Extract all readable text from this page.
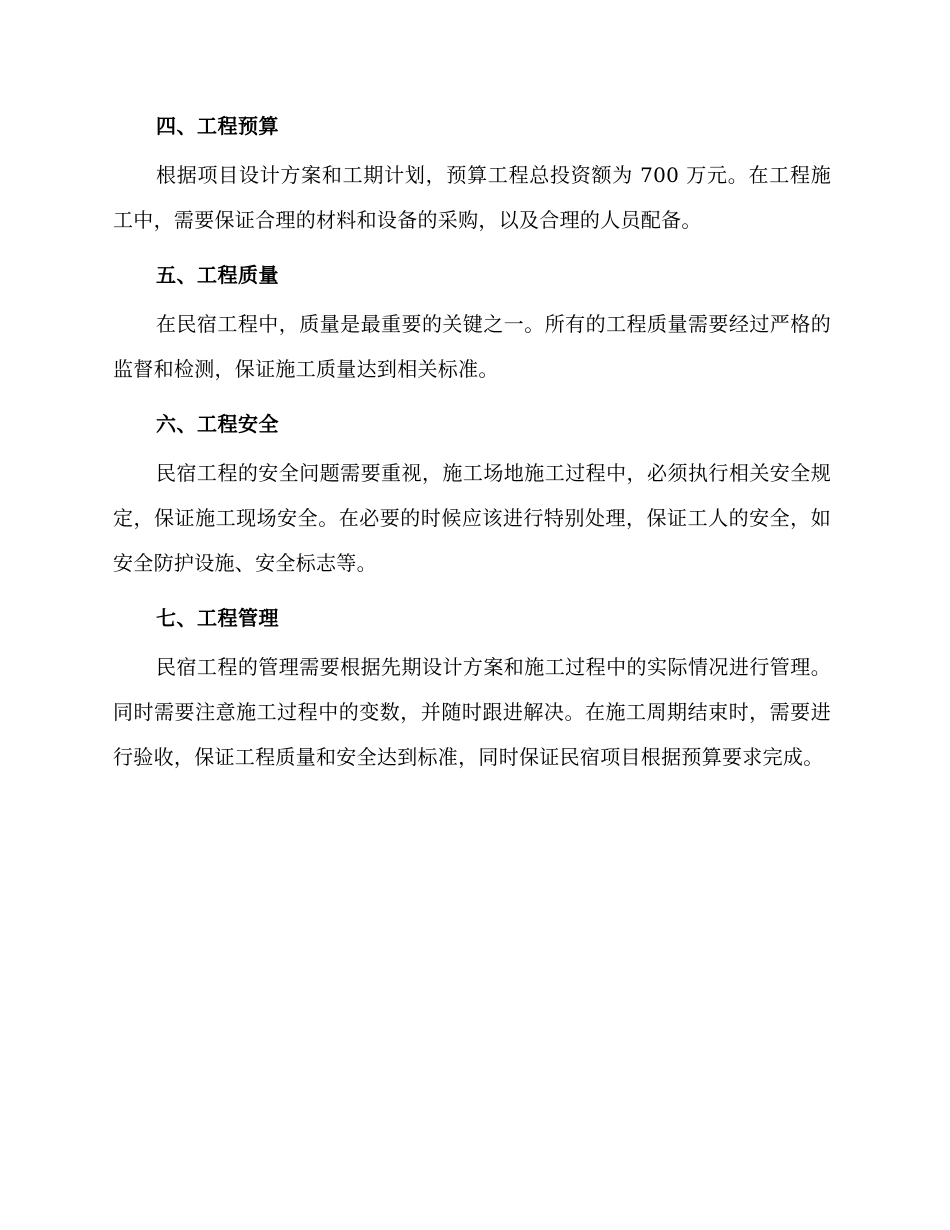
四、工程预算

根据项目设计方案和工期计划，预算工程总投资额为 700 万元。在工程施工中，需要保证合理的材料和设备的采购，以及合理的人员配备。

五、工程质量

在民宿工程中，质量是最重要的关键之一。所有的工程质量需要经过严格的监督和检测，保证施工质量达到相关标准。

六、工程安全

民宿工程的安全问题需要重视，施工场地施工过程中，必须执行相关安全规定，保证施工现场安全。在必要的时候应该进行特别处理，保证工人的安全，如安全防护设施、安全标志等。

七、工程管理

民宿工程的管理需要根据先期设计方案和施工过程中的实际情况进行管理。同时需要注意施工过程中的变数，并随时跟进解决。在施工周期结束时，需要进行验收，保证工程质量和安全达到标准，同时保证民宿项目根据预算要求完成。
